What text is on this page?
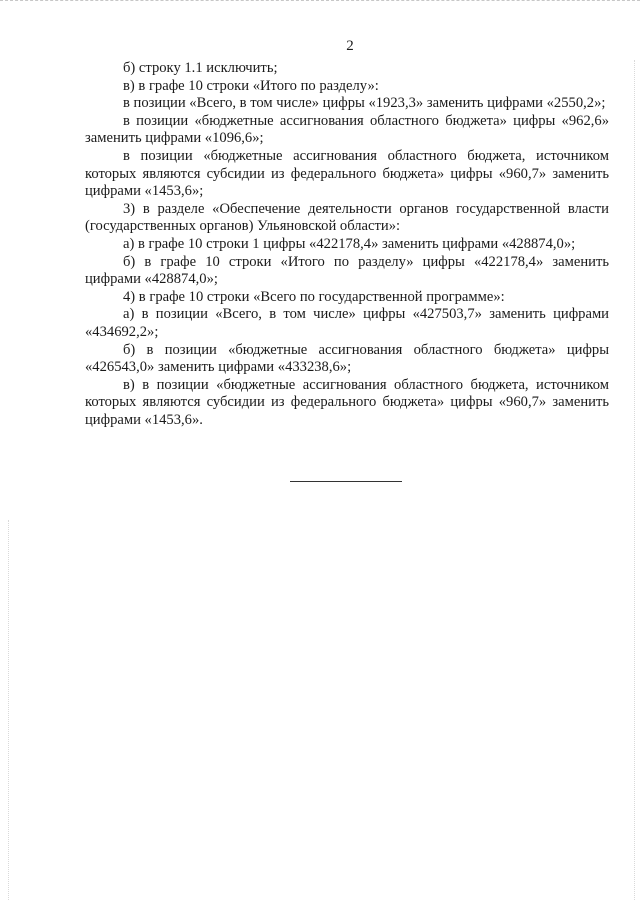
2

б) строку 1.1 исключить;

в) в графе 10 строки «Итого по разделу»:

в позиции «Всего, в том числе» цифры «1923,3» заменить цифрами «2550,2»;

в позиции «бюджетные ассигнования областного бюджета» цифры «962,6» заменить цифрами «1096,6»;

в позиции «бюджетные ассигнования областного бюджета, источником которых являются субсидии из федерального бюджета» цифры «960,7» заменить цифрами «1453,6»;

3) в разделе «Обеспечение деятельности органов государственной власти (государственных органов) Ульяновской области»:

а) в графе 10 строки 1 цифры «422178,4» заменить цифрами «428874,0»;

б) в графе 10 строки «Итого по разделу» цифры «422178,4» заменить цифрами «428874,0»;

4) в графе 10 строки «Всего по государственной программе»:

а) в позиции «Всего, в том числе» цифры «427503,7» заменить цифрами «434692,2»;

б) в позиции «бюджетные ассигнования областного бюджета» цифры «426543,0» заменить цифрами «433238,6»;

в) в позиции «бюджетные ассигнования областного бюджета, источником которых являются субсидии из федерального бюджета» цифры «960,7» заменить цифрами «1453,6».
